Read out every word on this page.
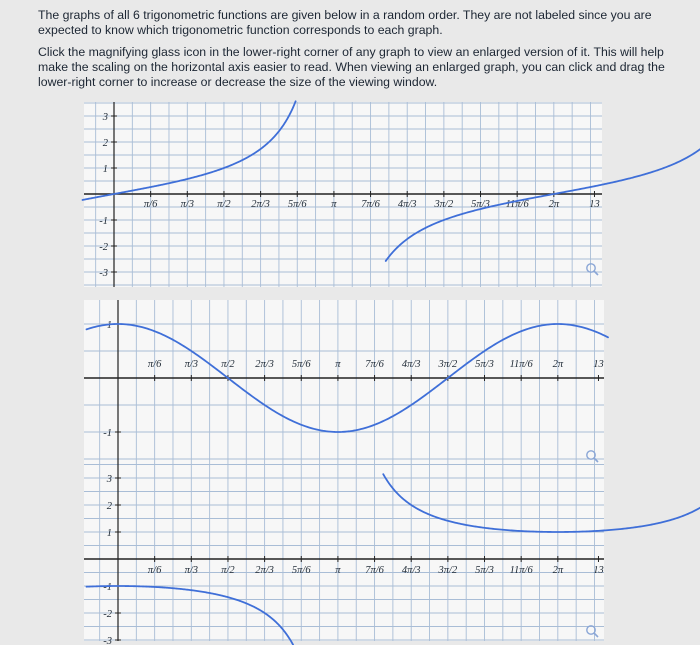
The graphs of all 6 trigonometric functions are given below in a random order. They are not labeled since you are expected to know which trigonometric function corresponds to each graph.

Click the magnifying glass icon in the lower-right corner of any graph to view an enlarged version of it. This will help make the scaling on the horizontal axis easier to read. When viewing an enlarged graph, you can click and drag the lower-right corner to increase or decrease the size of the viewing window.

π/6 π/3 π/2 2π/3 5π/6 π 7π/6 4π/3 3π/2 5π/3 11π/6 2π	13
3
2
1
-1
-2
-3
π/6 π/3 π/2 2π/3 5π/6 π 7π/6 4π/3 3π/2 5π/3 11π/6 2π	13
1
-1
π/6 π/3 π/2 2π/3 5π/6 π 7π/6 4π/3 3π/2 5π/3 11π/6 2π	13
3
2
1
-1
-2
-3
